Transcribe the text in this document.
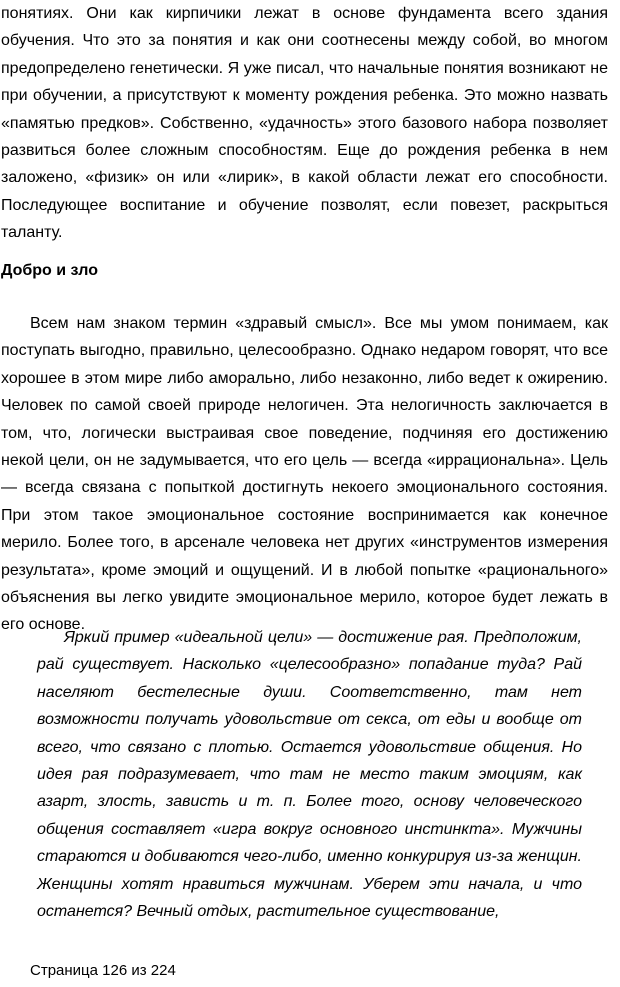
понятиях. Они как кирпичики лежат в основе фундамента всего здания обучения. Что это за понятия и как они соотнесены между собой, во многом предопределено генетически. Я уже писал, что начальные понятия возникают не при обучении, а присутствуют к моменту рождения ребенка. Это можно назвать «памятью предков». Собственно, «удачность» этого базового набора позволяет развиться более сложным способностям. Еще до рождения ребенка в нем заложено, «физик» он или «лирик», в какой области лежат его способности. Последующее воспитание и обучение позволят, если повезет, раскрыться таланту.

Добро и зло

Всем нам знаком термин «здравый смысл». Все мы умом понимаем, как поступать выгодно, правильно, целесообразно. Однако недаром говорят, что все хорошее в этом мире либо аморально, либо незаконно, либо ведет к ожирению. Человек по самой своей природе нелогичен. Эта нелогичность заключается в том, что, логически выстраивая свое поведение, подчиняя его достижению некой цели, он не задумывается, что его цель — всегда «иррациональна». Цель — всегда связана с попыткой достигнуть некоего эмоционального состояния. При этом такое эмоциональное состояние воспринимается как конечное мерило. Более того, в арсенале человека нет других «инструментов измерения результата», кроме эмоций и ощущений. И в любой попытке «рационального» объяснения вы легко увидите эмоциональное мерило, которое будет лежать в его основе.

Яркий пример «идеальной цели» — достижение рая. Предположим, рай существует. Насколько «целесообразно» попадание туда? Рай населяют бестелесные души. Соответственно, там нет возможности получать удовольствие от секса, от еды и вообще от всего, что связано с плотью. Остается удовольствие общения. Но идея рая подразумевает, что там не место таким эмоциям, как азарт, злость, зависть и т. п. Более того, основу человеческого общения составляет «игра вокруг основного инстинкта». Мужчины стараются и добиваются чего-либо, именно конкурируя из-за женщин. Женщины хотят нравиться мужчинам. Уберем эти начала, и что останется? Вечный отдых, растительное существование,

Страница 126 из 224
